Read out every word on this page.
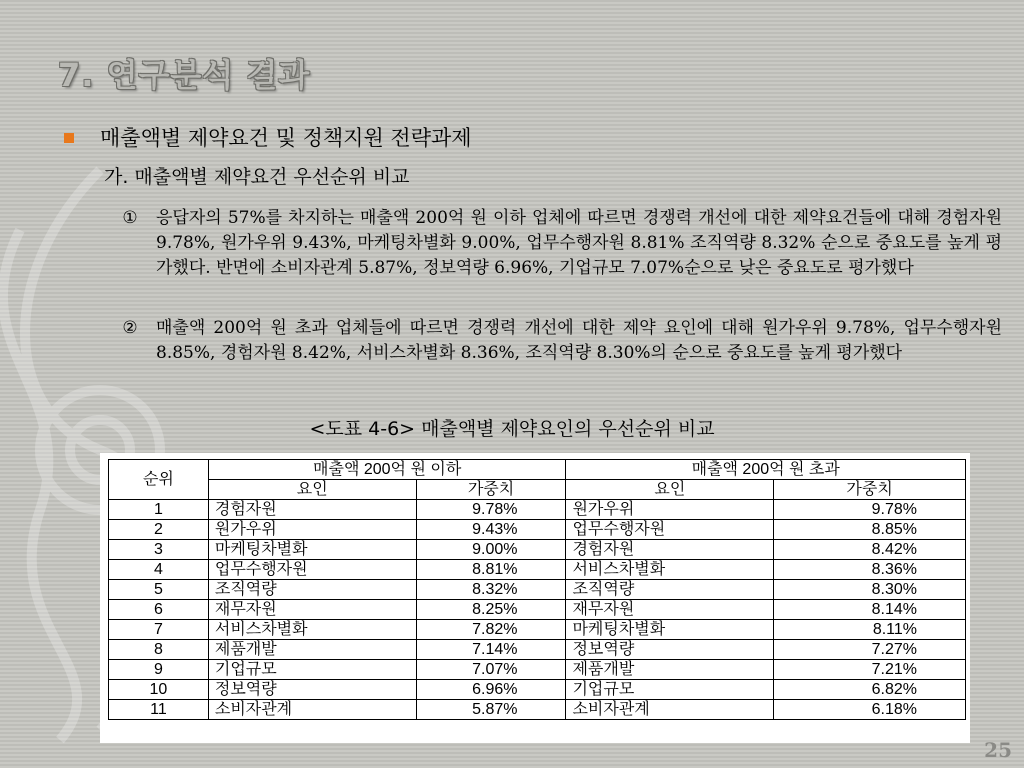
7. 연구분석 결과
매출액별 제약요건 및 정책지원 전략과제
가. 매출액별 제약요건 우선순위 비교
① 응답자의 57%를 차지하는 매출액 200억 원 이하 업체에 따르면 경쟁력 개선에 대한 제약요건들에 대해 경험자원 9.78%, 원가우위 9.43%, 마케팅차별화 9.00%, 업무수행자원 8.81% 조직역량 8.32% 순으로 중요도를 높게 평가했다. 반면에 소비자관계 5.87%, 정보역량 6.96%, 기업규모 7.07%순으로 낮은 중요도로 평가했다
② 매출액 200억 원 초과 업체들에 따르면 경쟁력 개선에 대한 제약 요인에 대해 원가우위 9.78%, 업무수행자원 8.85%, 경험자원 8.42%, 서비스차별화 8.36%, 조직역량 8.30%의 순으로 중요도를 높게 평가했다
<도표 4-6> 매출액별 제약요인의 우선순위 비교
순위	매출액 200억 원 이하		매출액 200억 원 초과	
	요인	가중치	요인	가중치
1	경험자원	9.78%	원가우위	9.78%
2	원가우위	9.43%	업무수행자원	8.85%
3	마케팅차별화	9.00%	경험자원	8.42%
4	업무수행자원	8.81%	서비스차별화	8.36%
5	조직역량	8.32%	조직역량	8.30%
6	재무자원	8.25%	재무자원	8.14%
7	서비스차별화	7.82%	마케팅차별화	8.11%
8	제품개발	7.14%	정보역량	7.27%
9	기업규모	7.07%	제품개발	7.21%
10	정보역량	6.96%	기업규모	6.82%
11	소비자관계	5.87%	소비자관계	6.18%
25
